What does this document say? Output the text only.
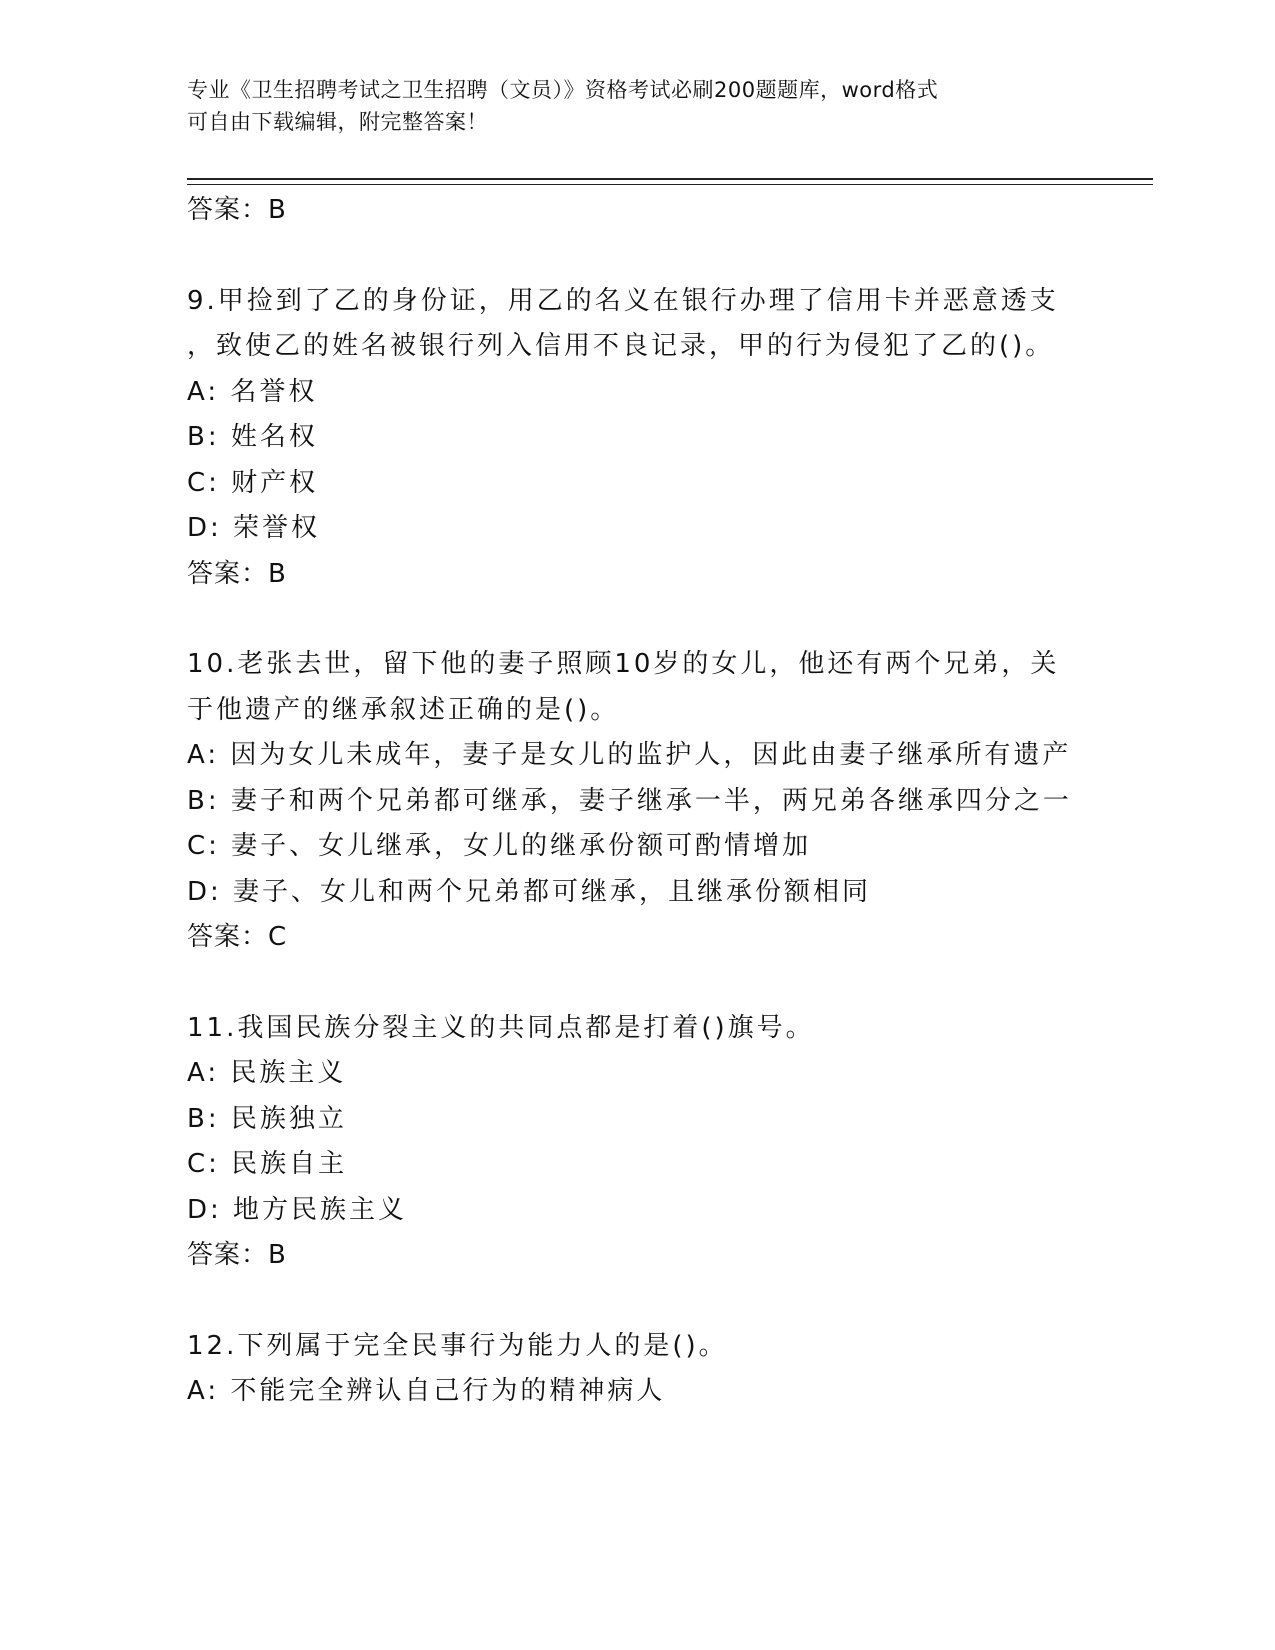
专业《卫生招聘考试之卫生招聘（文员）》资格考试必刷200题题库，word格式
可自由下载编辑，附完整答案！
答案：B
9.甲捡到了乙的身份证，用乙的名义在银行办理了信用卡并恶意透支
，致使乙的姓名被银行列入信用不良记录，甲的行为侵犯了乙的()。
A: 名誉权
B: 姓名权
C: 财产权
D: 荣誉权
答案：B
10.老张去世，留下他的妻子照顾10岁的女儿，他还有两个兄弟，关
于他遗产的继承叙述正确的是()。
A: 因为女儿未成年，妻子是女儿的监护人，因此由妻子继承所有遗产
B: 妻子和两个兄弟都可继承，妻子继承一半，两兄弟各继承四分之一
C: 妻子、女儿继承，女儿的继承份额可酌情增加
D: 妻子、女儿和两个兄弟都可继承，且继承份额相同
答案：C
11.我国民族分裂主义的共同点都是打着()旗号。
A: 民族主义
B: 民族独立
C: 民族自主
D: 地方民族主义
答案：B
12.下列属于完全民事行为能力人的是()。
A: 不能完全辨认自己行为的精神病人
